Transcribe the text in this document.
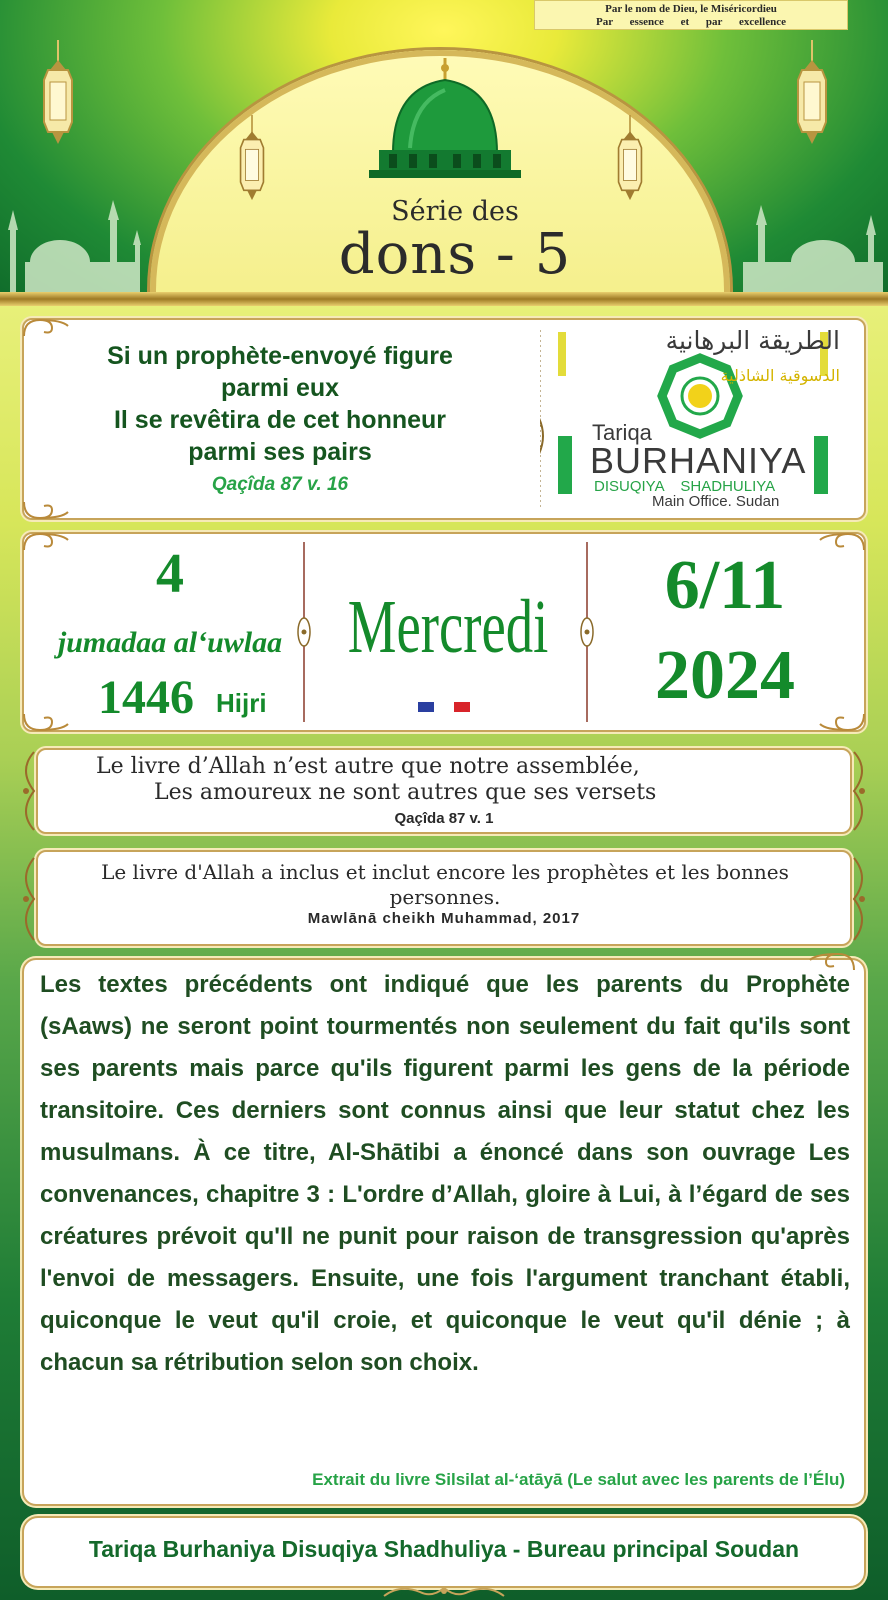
Par le nom de Dieu, le Miséricordieu
Par essence et par excellence
Série des
dons - 5
Si un prophète-envoyé figure
parmi eux
Il se revêtira de cet honneur
parmi ses pairs
Qaçîda 87 v. 16
الطريقة البرهانية
الدسوقية الشاذلية
Tariqa
BURHANIYA
DISUQIYA    SHADHULIYA
Main Office. Sudan
4
jumadaa al‘uwlaa
1446 Hijri
Mercredi	6/11
2024
Le livre d’Allah n’est autre que notre assemblée,
Les amoureux ne sont autres que ses versets
Qaçîda 87 v. 1
Le livre d'Allah a inclus et inclut encore les prophètes et les bonnes personnes.
Mawlānā cheikh Muhammad, 2017
Les textes précédents ont indiqué que les parents du Prophète (sAaws) ne seront point tourmentés non seulement du fait qu'ils sont ses parents mais parce qu'ils figurent parmi les gens de la période transitoire. Ces derniers sont connus ainsi que leur statut chez les musulmans. À ce titre, Al-Shātibi a énoncé dans son ouvrage Les convenances, chapitre 3 : L'ordre d’Allah, gloire à Lui, à l’égard de ses créatures prévoit qu'Il ne punit pour raison de transgression qu'après l'envoi de messagers. Ensuite, une fois l'argument tranchant établi, quiconque le veut qu'il croie, et quiconque le veut qu'il dénie ; à chacun sa rétribution selon son choix.
Extrait du livre Silsilat al-‘atāyā (Le salut avec les parents de l’Élu)
Tariqa Burhaniya Disuqiya Shadhuliya - Bureau principal Soudan
